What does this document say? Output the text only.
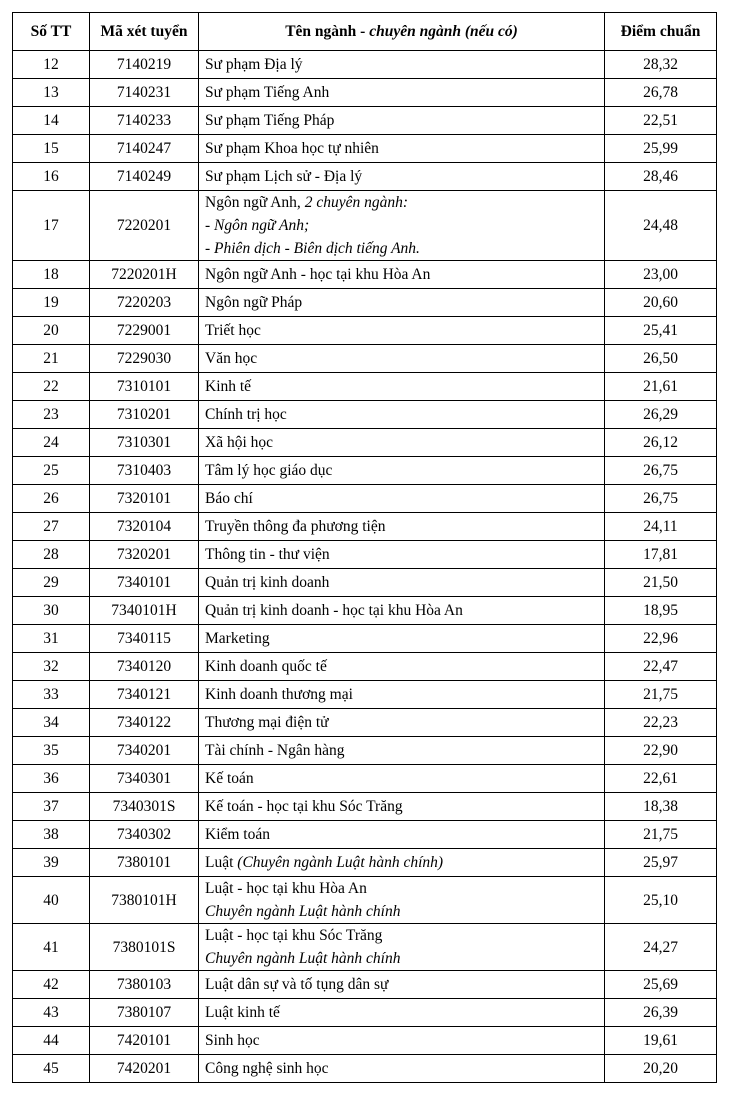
Số TT	Mã xét tuyển	Tên ngành - chuyên ngành (nếu có)	Điểm chuẩn
12	7140219	Sư phạm Địa lý	28,32
13	7140231	Sư phạm Tiếng Anh	26,78
14	7140233	Sư phạm Tiếng Pháp	22,51
15	7140247	Sư phạm Khoa học tự nhiên	25,99
16	7140249	Sư phạm Lịch sử - Địa lý	28,46
17	7220201	Ngôn ngữ Anh, 2 chuyên ngành:
- Ngôn ngữ Anh;
- Phiên dịch - Biên dịch tiếng Anh.	24,48
18	7220201H	Ngôn ngữ Anh - học tại khu Hòa An	23,00
19	7220203	Ngôn ngữ Pháp	20,60
20	7229001	Triết học	25,41
21	7229030	Văn học	26,50
22	7310101	Kinh tế	21,61
23	7310201	Chính trị học	26,29
24	7310301	Xã hội học	26,12
25	7310403	Tâm lý học giáo dục	26,75
26	7320101	Báo chí	26,75
27	7320104	Truyền thông đa phương tiện	24,11
28	7320201	Thông tin - thư viện	17,81
29	7340101	Quản trị kinh doanh	21,50
30	7340101H	Quản trị kinh doanh - học tại khu Hòa An	18,95
31	7340115	Marketing	22,96
32	7340120	Kinh doanh quốc tế	22,47
33	7340121	Kinh doanh thương mại	21,75
34	7340122	Thương mại điện tử	22,23
35	7340201	Tài chính - Ngân hàng	22,90
36	7340301	Kế toán	22,61
37	7340301S	Kế toán - học tại khu Sóc Trăng	18,38
38	7340302	Kiểm toán	21,75
39	7380101	Luật (Chuyên ngành Luật hành chính)	25,97
40	7380101H	Luật - học tại khu Hòa An
Chuyên ngành Luật hành chính	25,10
41	7380101S	Luật - học tại khu Sóc Trăng
Chuyên ngành Luật hành chính	24,27
42	7380103	Luật dân sự và tố tụng dân sự	25,69
43	7380107	Luật kinh tế	26,39
44	7420101	Sinh học	19,61
45	7420201	Công nghệ sinh học	20,20
